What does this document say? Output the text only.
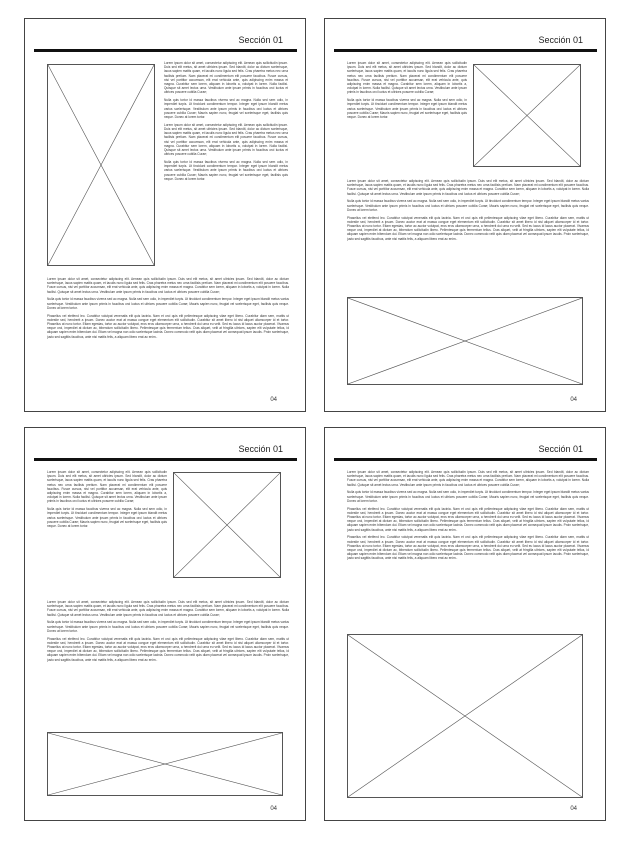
Sección 01

Lorem ipsum dolor sit amet, consectetur adipiscing elit. Aenean quis sollicitudin ipsum. Duis sed elit metus, sit amet ultricies ipsum. Sed blandit, dolor ac dictum scelerisque, lacus sapien mattis quam, et iaculis nunc ligula sed felis. Cras pharetra metus nec urna facilisis pretium. Nam placerat mi condimentum elit posuere faucibus. Fusce cursus, nisi vel porttitor accumsan, elit erat vehicula ante, quis adipiscing enim massa et magna. Curabitur sem lorem, aliquam in lobortis a, volutpat in lorem. Nulla facilisi. Quisque sit amet lectus urna. Vestibulum ante ipsum primis in faucibus orci luctus et ultrices posuere cubilia Curae;

Nulla quis tortor id massa faucibus viverra sed ac magna. Nulla sed sem odio, in imperdiet turpis. Ut tincidunt condimentum tempor. Integer eget ipsum blandit metus varius scelerisque. Vestibulum ante ipsum primis in faucibus orci luctus et ultrices posuere cubilia Curae; Mauris sapien nunc, feugiat vel scelerisque eget, facilisis quis neque. Donec at lorem tortor.

Lorem ipsum dolor sit amet, consectetur adipiscing elit. Aenean quis sollicitudin ipsum. Duis sed elit metus, sit amet ultricies ipsum. Sed blandit, dolor ac dictum scelerisque, lacus sapien mattis quam, et iaculis nunc ligula sed felis. Cras pharetra metus nec urna facilisis pretium. Nam placerat mi condimentum elit posuere faucibus. Fusce cursus, nisi vel porttitor accumsan, elit erat vehicula ante, quis adipiscing enim massa et magna. Curabitur sem lorem, aliquam in lobortis a, volutpat in lorem. Nulla facilisi. Quisque sit amet lectus urna. Vestibulum ante ipsum primis in faucibus orci luctus et ultrices posuere cubilia Curae;

Nulla quis tortor id massa faucibus viverra sed ac magna. Nulla sed sem odio, in imperdiet turpis. Ut tincidunt condimentum tempor. Integer eget ipsum blandit metus varius scelerisque. Vestibulum ante ipsum primis in faucibus orci luctus et ultrices posuere cubilia Curae; Mauris sapien nunc, feugiat vel scelerisque eget, facilisis quis neque. Donec at lorem tortor.

Lorem ipsum dolor sit amet, consectetur adipiscing elit. Aenean quis sollicitudin ipsum. Duis sed elit metus, sit amet ultricies ipsum. Sed blandit, dolor ac dictum scelerisque, lacus sapien mattis quam, et iaculis nunc ligula sed felis. Cras pharetra metus nec urna facilisis pretium. Nam placerat mi condimentum elit posuere faucibus. Fusce cursus, nisi vel porttitor accumsan, elit erat vehicula ante, quis adipiscing enim massa et magna. Curabitur sem lorem, aliquam in lobortis a, volutpat in lorem. Nulla facilisi. Quisque sit amet lectus urna. Vestibulum ante ipsum primis in faucibus orci luctus et ultrices posuere cubilia Curae;

Nulla quis tortor id massa faucibus viverra sed ac magna. Nulla sed sem odio, in imperdiet turpis. Ut tincidunt condimentum tempor. Integer eget ipsum blandit metus varius scelerisque. Vestibulum ante ipsum primis in faucibus orci luctus et ultrices posuere cubilia Curae; Mauris sapien nunc, feugiat vel scelerisque eget, facilisis quis neque. Donec at lorem tortor.

Phasellus vel eleifend leo. Curabitur volutpat venenatis elit quis lacinia. Nam et orci quis elit pellentesque adipiscing vitae eget libero. Curabitur diam sem, mattis ut molestie sed, hendrerit a ipsum. Donec auctor erat at massa congue eget elementum elit sollicitudin. Curabitur sit amet libero id nisl aliquet ullamcorper id et tortor. Phasellus at nunc tortor. Etiam egestas, tortor ac auctor volutpat, eros eros ullamcorper urna, a hendrerit dui urna eu velit. Sed eu lacus id lacus auctor placerat. Vivamus neque orci, imperdiet at dictum ac, bibendum sollicitudin libero. Pellentesque quis fermentum tellus. Cras aliquet, velit at fringilla ultrices, sapien elit vulputate tellus, id aliquam sapien enim bibendum dui. Etiam vel magna non odio scelerisque lacinia. Donec commodo velit quis diam placerat vel consequat ipsum iaculis. Proin scelerisque, justo sed sagittis faucibus, ante nisi mattis felis, a aliquam libero erat ac enim..

04
Sección 01

Lorem ipsum dolor sit amet, consectetur adipiscing elit. Aenean quis sollicitudin ipsum. Duis sed elit metus, sit amet ultricies ipsum. Sed blandit, dolor ac dictum scelerisque, lacus sapien mattis quam, et iaculis nunc ligula sed felis. Cras pharetra metus nec urna facilisis pretium. Nam placerat mi condimentum elit posuere faucibus. Fusce cursus, nisi vel porttitor accumsan, elit erat vehicula ante, quis adipiscing enim massa et magna. Curabitur sem lorem, aliquam in lobortis a, volutpat in lorem. Nulla facilisi. Quisque sit amet lectus urna. Vestibulum ante ipsum primis in faucibus orci luctus et ultrices posuere cubilia Curae;

Nulla quis tortor id massa faucibus viverra sed ac magna. Nulla sed sem odio, in imperdiet turpis. Ut tincidunt condimentum tempor. Integer eget ipsum blandit metus varius scelerisque. Vestibulum ante ipsum primis in faucibus orci luctus et ultrices posuere cubilia Curae; Mauris sapien nunc, feugiat vel scelerisque eget, facilisis quis neque. Donec at lorem tortor.

Lorem ipsum dolor sit amet, consectetur adipiscing elit. Aenean quis sollicitudin ipsum. Duis sed elit metus, sit amet ultricies ipsum. Sed blandit, dolor ac dictum scelerisque, lacus sapien mattis quam, et iaculis nunc ligula sed felis. Cras pharetra metus nec urna facilisis pretium. Nam placerat mi condimentum elit posuere faucibus. Fusce cursus, nisi vel porttitor accumsan, elit erat vehicula ante, quis adipiscing enim massa et magna. Curabitur sem lorem, aliquam in lobortis a, volutpat in lorem. Nulla facilisi. Quisque sit amet lectus urna. Vestibulum ante ipsum primis in faucibus orci luctus et ultrices posuere cubilia Curae;

Nulla quis tortor id massa faucibus viverra sed ac magna. Nulla sed sem odio, in imperdiet turpis. Ut tincidunt condimentum tempor. Integer eget ipsum blandit metus varius scelerisque. Vestibulum ante ipsum primis in faucibus orci luctus et ultrices posuere cubilia Curae; Mauris sapien nunc, feugiat vel scelerisque eget, facilisis quis neque. Donec at lorem tortor.

Phasellus vel eleifend leo. Curabitur volutpat venenatis elit quis lacinia. Nam et orci quis elit pellentesque adipiscing vitae eget libero. Curabitur diam sem, mattis ut molestie sed, hendrerit a ipsum. Donec auctor erat at massa congue eget elementum elit sollicitudin. Curabitur sit amet libero id nisl aliquet ullamcorper id et tortor. Phasellus at nunc tortor. Etiam egestas, tortor ac auctor volutpat, eros eros ullamcorper urna, a hendrerit dui urna eu velit. Sed eu lacus id lacus auctor placerat. Vivamus neque orci, imperdiet at dictum ac, bibendum sollicitudin libero. Pellentesque quis fermentum tellus. Cras aliquet, velit at fringilla ultrices, sapien elit vulputate tellus, id aliquam sapien enim bibendum dui. Etiam vel magna non odio scelerisque lacinia. Donec commodo velit quis diam placerat vel consequat ipsum iaculis. Proin scelerisque, justo sed sagittis faucibus, ante nisi mattis felis, a aliquam libero erat ac enim..

04
Sección 01

Lorem ipsum dolor sit amet, consectetur adipiscing elit. Aenean quis sollicitudin ipsum. Duis sed elit metus, sit amet ultricies ipsum. Sed blandit, dolor ac dictum scelerisque, lacus sapien mattis quam, et iaculis nunc ligula sed felis. Cras pharetra metus nec urna facilisis pretium. Nam placerat mi condimentum elit posuere faucibus. Fusce cursus, nisi vel porttitor accumsan, elit erat vehicula ante, quis adipiscing enim massa et magna. Curabitur sem lorem, aliquam in lobortis a, volutpat in lorem. Nulla facilisi. Quisque sit amet lectus urna. Vestibulum ante ipsum primis in faucibus orci luctus et ultrices posuere cubilia Curae;

Nulla quis tortor id massa faucibus viverra sed ac magna. Nulla sed sem odio, in imperdiet turpis. Ut tincidunt condimentum tempor. Integer eget ipsum blandit metus varius scelerisque. Vestibulum ante ipsum primis in faucibus orci luctus et ultrices posuere cubilia Curae; Mauris sapien nunc, feugiat vel scelerisque eget, facilisis quis neque. Donec at lorem tortor.

Lorem ipsum dolor sit amet, consectetur adipiscing elit. Aenean quis sollicitudin ipsum. Duis sed elit metus, sit amet ultricies ipsum. Sed blandit, dolor ac dictum scelerisque, lacus sapien mattis quam, et iaculis nunc ligula sed felis. Cras pharetra metus nec urna facilisis pretium. Nam placerat mi condimentum elit posuere faucibus. Fusce cursus, nisi vel porttitor accumsan, elit erat vehicula ante, quis adipiscing enim massa et magna. Curabitur sem lorem, aliquam in lobortis a, volutpat in lorem. Nulla facilisi. Quisque sit amet lectus urna. Vestibulum ante ipsum primis in faucibus orci luctus et ultrices posuere cubilia Curae;

Nulla quis tortor id massa faucibus viverra sed ac magna. Nulla sed sem odio, in imperdiet turpis. Ut tincidunt condimentum tempor. Integer eget ipsum blandit metus varius scelerisque. Vestibulum ante ipsum primis in faucibus orci luctus et ultrices posuere cubilia Curae; Mauris sapien nunc, feugiat vel scelerisque eget, facilisis quis neque. Donec at lorem tortor.

Phasellus vel eleifend leo. Curabitur volutpat venenatis elit quis lacinia. Nam et orci quis elit pellentesque adipiscing vitae eget libero. Curabitur diam sem, mattis ut molestie sed, hendrerit a ipsum. Donec auctor erat at massa congue eget elementum elit sollicitudin. Curabitur sit amet libero id nisl aliquet ullamcorper id et tortor. Phasellus at nunc tortor. Etiam egestas, tortor ac auctor volutpat, eros eros ullamcorper urna, a hendrerit dui urna eu velit. Sed eu lacus id lacus auctor placerat. Vivamus neque orci, imperdiet at dictum ac, bibendum sollicitudin libero. Pellentesque quis fermentum tellus. Cras aliquet, velit at fringilla ultrices, sapien elit vulputate tellus, id aliquam sapien enim bibendum dui. Etiam vel magna non odio scelerisque lacinia. Donec commodo velit quis diam placerat vel consequat ipsum iaculis. Proin scelerisque, justo sed sagittis faucibus, ante nisi mattis felis, a aliquam libero erat ac enim..

04
Sección 01

Lorem ipsum dolor sit amet, consectetur adipiscing elit. Aenean quis sollicitudin ipsum. Duis sed elit metus, sit amet ultricies ipsum. Sed blandit, dolor ac dictum scelerisque, lacus sapien mattis quam, et iaculis nunc ligula sed felis. Cras pharetra metus nec urna facilisis pretium. Nam placerat mi condimentum elit posuere faucibus. Fusce cursus, nisi vel porttitor accumsan, elit erat vehicula ante, quis adipiscing enim massa et magna. Curabitur sem lorem, aliquam in lobortis a, volutpat in lorem. Nulla facilisi. Quisque sit amet lectus urna. Vestibulum ante ipsum primis in faucibus orci luctus et ultrices posuere cubilia Curae;

Nulla quis tortor id massa faucibus viverra sed ac magna. Nulla sed sem odio, in imperdiet turpis. Ut tincidunt condimentum tempor. Integer eget ipsum blandit metus varius scelerisque. Vestibulum ante ipsum primis in faucibus orci luctus et ultrices posuere cubilia Curae; Mauris sapien nunc, feugiat vel scelerisque eget, facilisis quis neque. Donec at lorem tortor.

Phasellus vel eleifend leo. Curabitur volutpat venenatis elit quis lacinia. Nam et orci quis elit pellentesque adipiscing vitae eget libero. Curabitur diam sem, mattis ut molestie sed, hendrerit a ipsum. Donec auctor erat at massa congue eget elementum elit sollicitudin. Curabitur sit amet libero id nisl aliquet ullamcorper id et tortor. Phasellus at nunc tortor. Etiam egestas, tortor ac auctor volutpat, eros eros ullamcorper urna, a hendrerit dui urna eu velit. Sed eu lacus id lacus auctor placerat. Vivamus neque orci, imperdiet at dictum ac, bibendum sollicitudin libero. Pellentesque quis fermentum tellus. Cras aliquet, velit at fringilla ultrices, sapien elit vulputate tellus, id aliquam sapien enim bibendum dui. Etiam vel magna non odio scelerisque lacinia. Donec commodo velit quis diam placerat vel consequat ipsum iaculis. Proin scelerisque, justo sed sagittis faucibus, ante nisi mattis felis, a aliquam libero erat ac enim..

Phasellus vel eleifend leo. Curabitur volutpat venenatis elit quis lacinia. Nam et orci quis elit pellentesque adipiscing vitae eget libero. Curabitur diam sem, mattis ut molestie sed, hendrerit a ipsum. Donec auctor erat at massa congue eget elementum elit sollicitudin. Curabitur sit amet libero id nisl aliquet ullamcorper id et tortor. Phasellus at nunc tortor. Etiam egestas, tortor ac auctor volutpat, eros eros ullamcorper urna, a hendrerit dui urna eu velit. Sed eu lacus id lacus auctor placerat. Vivamus neque orci, imperdiet at dictum ac, bibendum sollicitudin libero. Pellentesque quis fermentum tellus. Cras aliquet, velit at fringilla ultrices, sapien elit vulputate tellus, id aliquam sapien enim bibendum dui. Etiam vel magna non odio scelerisque lacinia. Donec commodo velit quis diam placerat vel consequat ipsum iaculis. Proin scelerisque, justo sed sagittis faucibus, ante nisi mattis felis, a aliquam libero erat ac enim..

04
